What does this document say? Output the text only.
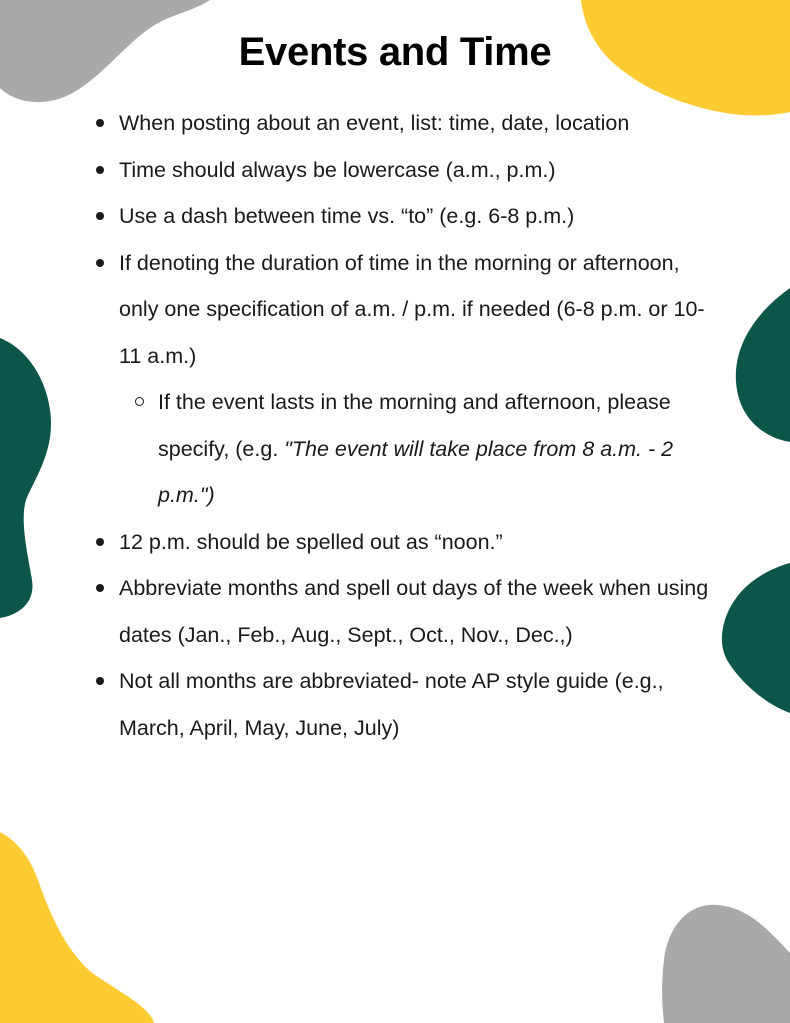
Events and Time
When posting about an event, list: time, date, location
Time should always be lowercase (a.m., p.m.)
Use a dash between time vs. “to” (e.g. 6-8 p.m.)
If denoting the duration of time in the morning or afternoon, only one specification of a.m. / p.m. if needed (6-8 p.m. or 10-11 a.m.)
If the event lasts in the morning and afternoon, please specify, (e.g. "The event will take place from 8 a.m. - 2 p.m.")
12 p.m. should be spelled out as “noon.”
Abbreviate months and spell out days of the week when using dates (Jan., Feb., Aug., Sept., Oct., Nov., Dec.,)
Not all months are abbreviated- note AP style guide (e.g., March, April, May, June, July)
